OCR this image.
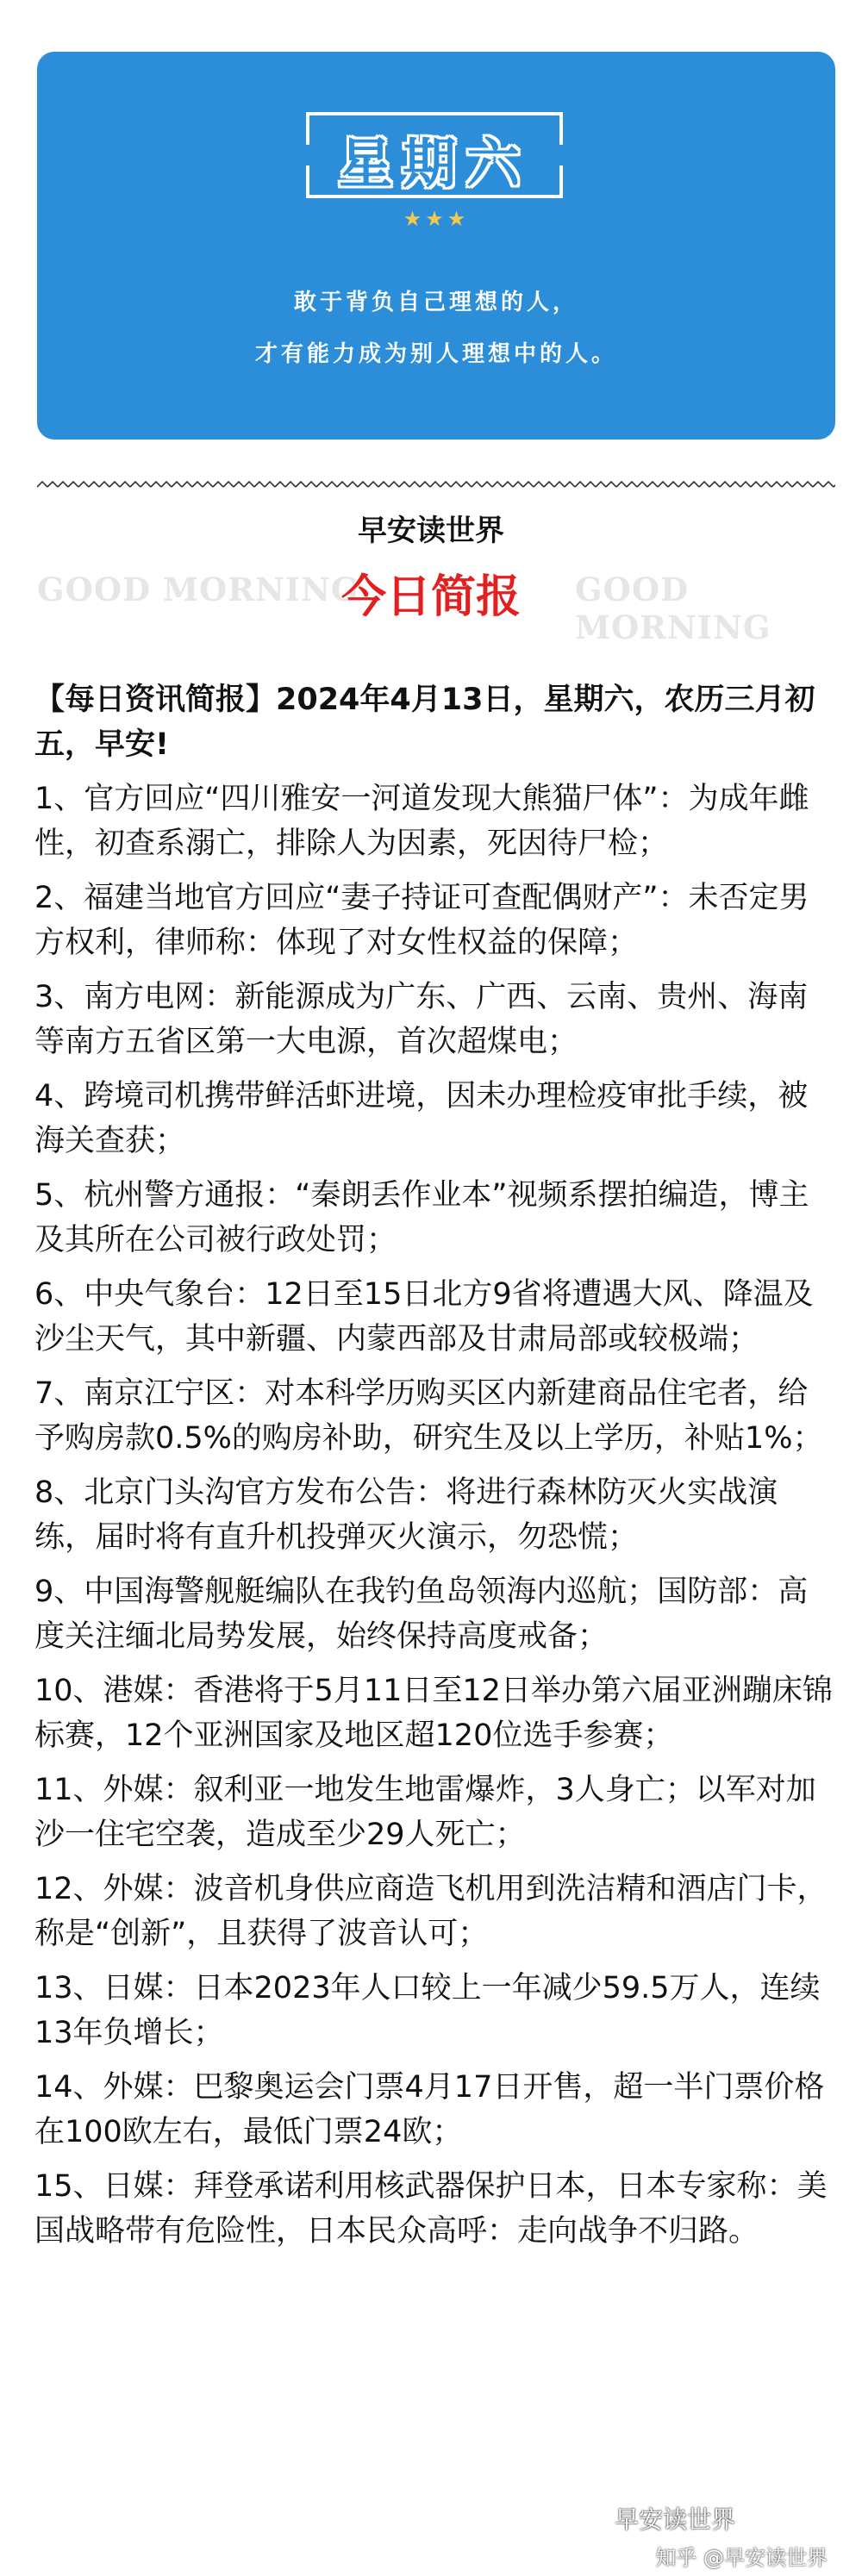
星期六
★★★
敢于背负自己理想的人，
才有能力成为别人理想中的人。
早安读世界
GOOD MORNING	GOOD MORNING
今日简报

【每日资讯简报】2024年4月13日，星期六，农历三月初五，早安!

1、官方回应“四川雅安一河道发现大熊猫尸体”：为成年雌性，初查系溺亡，排除人为因素，死因待尸检；

2、福建当地官方回应“妻子持证可查配偶财产”：未否定男方权利，律师称：体现了对女性权益的保障；

3、南方电网：新能源成为广东、广西、云南、贵州、海南等南方五省区第一大电源，首次超煤电；

4、跨境司机携带鲜活虾进境，因未办理检疫审批手续，被海关查获；

5、杭州警方通报：“秦朗丢作业本”视频系摆拍编造，博主及其所在公司被行政处罚；

6、中央气象台：12日至15日北方9省将遭遇大风、降温及沙尘天气，其中新疆、内蒙西部及甘肃局部或较极端；

7、南京江宁区：对本科学历购买区内新建商品住宅者，给予购房款0.5%的购房补助，研究生及以上学历，补贴1%；

8、北京门头沟官方发布公告：将进行森林防灭火实战演练，届时将有直升机投弹灭火演示，勿恐慌；

9、中国海警舰艇编队在我钓鱼岛领海内巡航；国防部：高度关注缅北局势发展，始终保持高度戒备；

10、港媒：香港将于5月11日至12日举办第六届亚洲蹦床锦标赛，12个亚洲国家及地区超120位选手参赛；

11、外媒：叙利亚一地发生地雷爆炸，3人身亡；以军对加沙一住宅空袭，造成至少29人死亡；

12、外媒：波音机身供应商造飞机用到洗洁精和酒店门卡，称是“创新”，且获得了波音认可；

13、日媒：日本2023年人口较上一年减少59.5万人，连续13年负增长；

14、外媒：巴黎奥运会门票4月17日开售，超一半门票价格在100欧左右，最低门票24欧；

15、日媒：拜登承诺利用核武器保护日本，日本专家称：美国战略带有危险性，日本民众高呼：走向战争不归路。

早安读世界
知乎 @早安读世界
